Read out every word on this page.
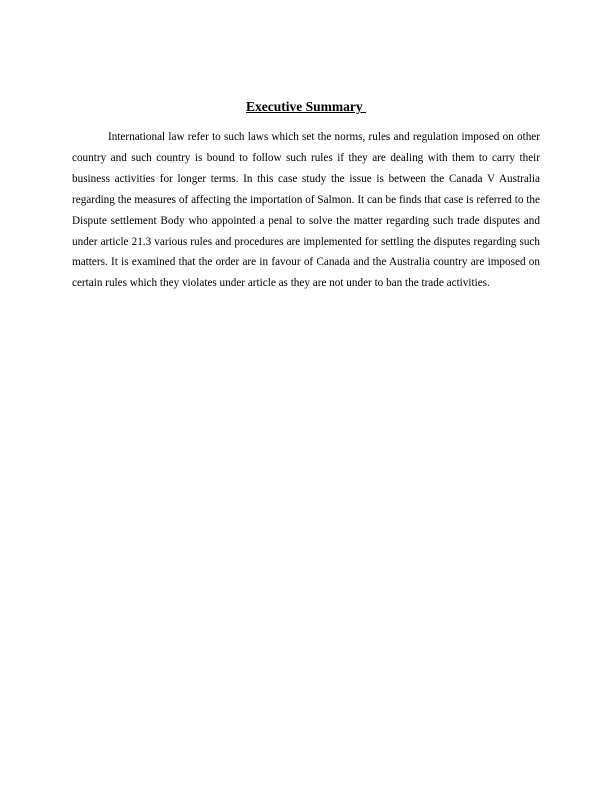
Executive Summary

International law refer to such laws which set the norms, rules and regulation imposed on other country and such country is bound to follow such rules if they are dealing with them to carry their business activities for longer terms. In this case study the issue is between the Canada V Australia regarding the measures of affecting the importation of Salmon. It can be finds that case is referred to the Dispute settlement Body who appointed a penal to solve the matter regarding such trade disputes and under article 21.3 various rules and procedures are implemented for settling the disputes regarding such matters. It is examined that the order are in favour of Canada and the Australia country are imposed on certain rules which they violates under article as they are not under to ban the trade activities.
